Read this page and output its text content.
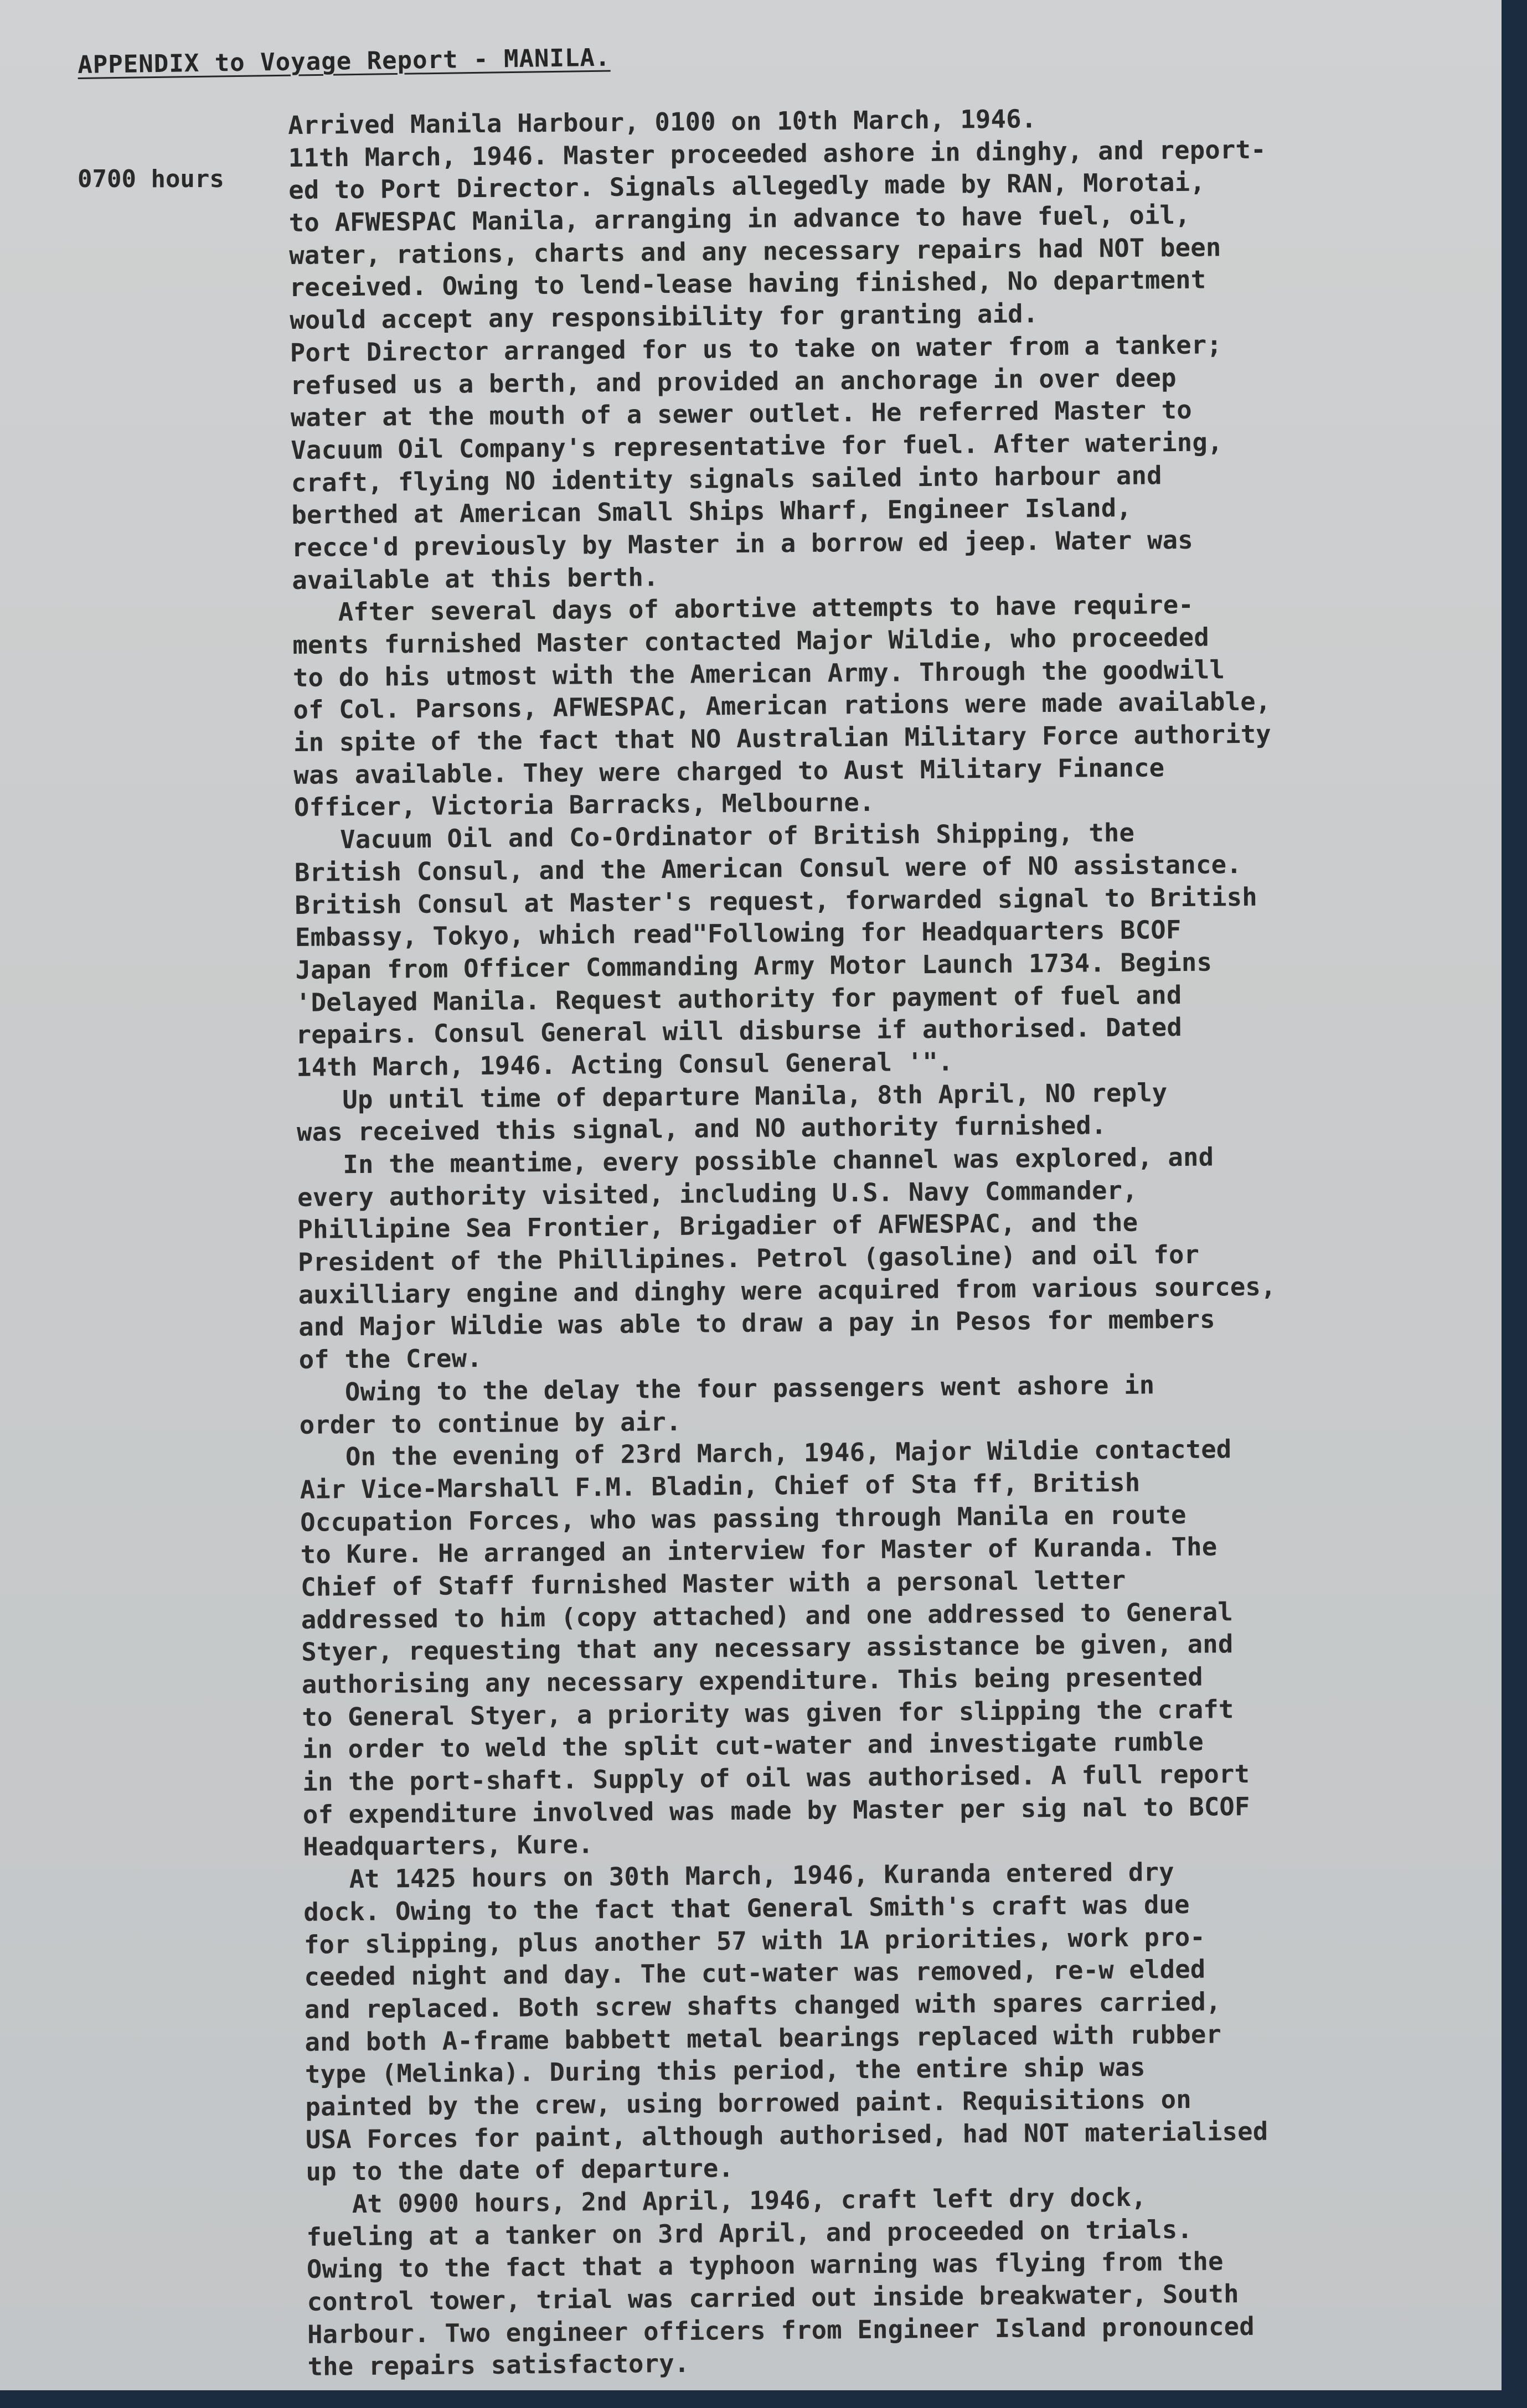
APPENDIX to Voyage Report - MANILA.
0700 hours
Arrived Manila Harbour, 0100 on 10th March, 1946.
11th March, 1946. Master proceeded ashore in dinghy, and report-
ed to Port Director. Signals allegedly made by RAN, Morotai,
to AFWESPAC Manila, arranging in advance to have fuel, oil,
water, rations, charts and any necessary repairs had NOT been
received. Owing to lend-lease having finished, No department
would accept any responsibility for granting aid.
Port Director arranged for us to take on water from a tanker;
refused us a berth, and provided an anchorage in over deep
water at the mouth of a sewer outlet. He referred Master to
Vacuum Oil Company's representative for fuel. After watering,
craft, flying NO identity signals sailed into harbour and
berthed at American Small Ships Wharf, Engineer Island,
recce'd previously by Master in a borrow ed jeep. Water was
available at this berth.
After several days of abortive attempts to have require-
ments furnished Master contacted Major Wildie, who proceeded
to do his utmost with the American Army. Through the goodwill
of Col. Parsons, AFWESPAC, American rations were made available,
in spite of the fact that NO Australian Military Force authority
was available. They were charged to Aust Military Finance
Officer, Victoria Barracks, Melbourne.
Vacuum Oil and Co-Ordinator of British Shipping, the
British Consul, and the American Consul were of NO assistance.
British Consul at Master's request, forwarded signal to British
Embassy, Tokyo, which read"Following for Headquarters BCOF
Japan from Officer Commanding Army Motor Launch 1734. Begins
'Delayed Manila. Request authority for payment of fuel and
repairs. Consul General will disburse if authorised. Dated
14th March, 1946. Acting Consul General '".
Up until time of departure Manila, 8th April, NO reply
was received this signal, and NO authority furnished.
In the meantime, every possible channel was explored, and
every authority visited, including U.S. Navy Commander,
Phillipine Sea Frontier, Brigadier of AFWESPAC, and the
President of the Phillipines. Petrol (gasoline) and oil for
auxilliary engine and dinghy were acquired from various sources,
and Major Wildie was able to draw a pay in Pesos for members
of the Crew.
Owing to the delay the four passengers went ashore in
order to continue by air.
On the evening of 23rd March, 1946, Major Wildie contacted
Air Vice-Marshall F.M. Bladin, Chief of Sta ff, British
Occupation Forces, who was passing through Manila en route
to Kure. He arranged an interview for Master of Kuranda. The
Chief of Staff furnished Master with a personal letter
addressed to him (copy attached) and one addressed to General
Styer, requesting that any necessary assistance be given, and
authorising any necessary expenditure. This being presented
to General Styer, a priority was given for slipping the craft
in order to weld the split cut-water and investigate rumble
in the port-shaft. Supply of oil was authorised. A full report
of expenditure involved was made by Master per sig nal to BCOF
Headquarters, Kure.
At 1425 hours on 30th March, 1946, Kuranda entered dry
dock. Owing to the fact that General Smith's craft was due
for slipping, plus another 57 with 1A priorities, work pro-
ceeded night and day. The cut-water was removed, re-w elded
and replaced. Both screw shafts changed with spares carried,
and both A-frame babbett metal bearings replaced with rubber
type (Melinka). During this period, the entire ship was
painted by the crew, using borrowed paint. Requisitions on
USA Forces for paint, although authorised, had NOT materialised
up to the date of departure.
At 0900 hours, 2nd April, 1946, craft left dry dock,
fueling at a tanker on 3rd April, and proceeded on trials.
Owing to the fact that a typhoon warning was flying from the
control tower, trial was carried out inside breakwater, South
Harbour. Two engineer officers from Engineer Island pronounced
the repairs satisfactory.
